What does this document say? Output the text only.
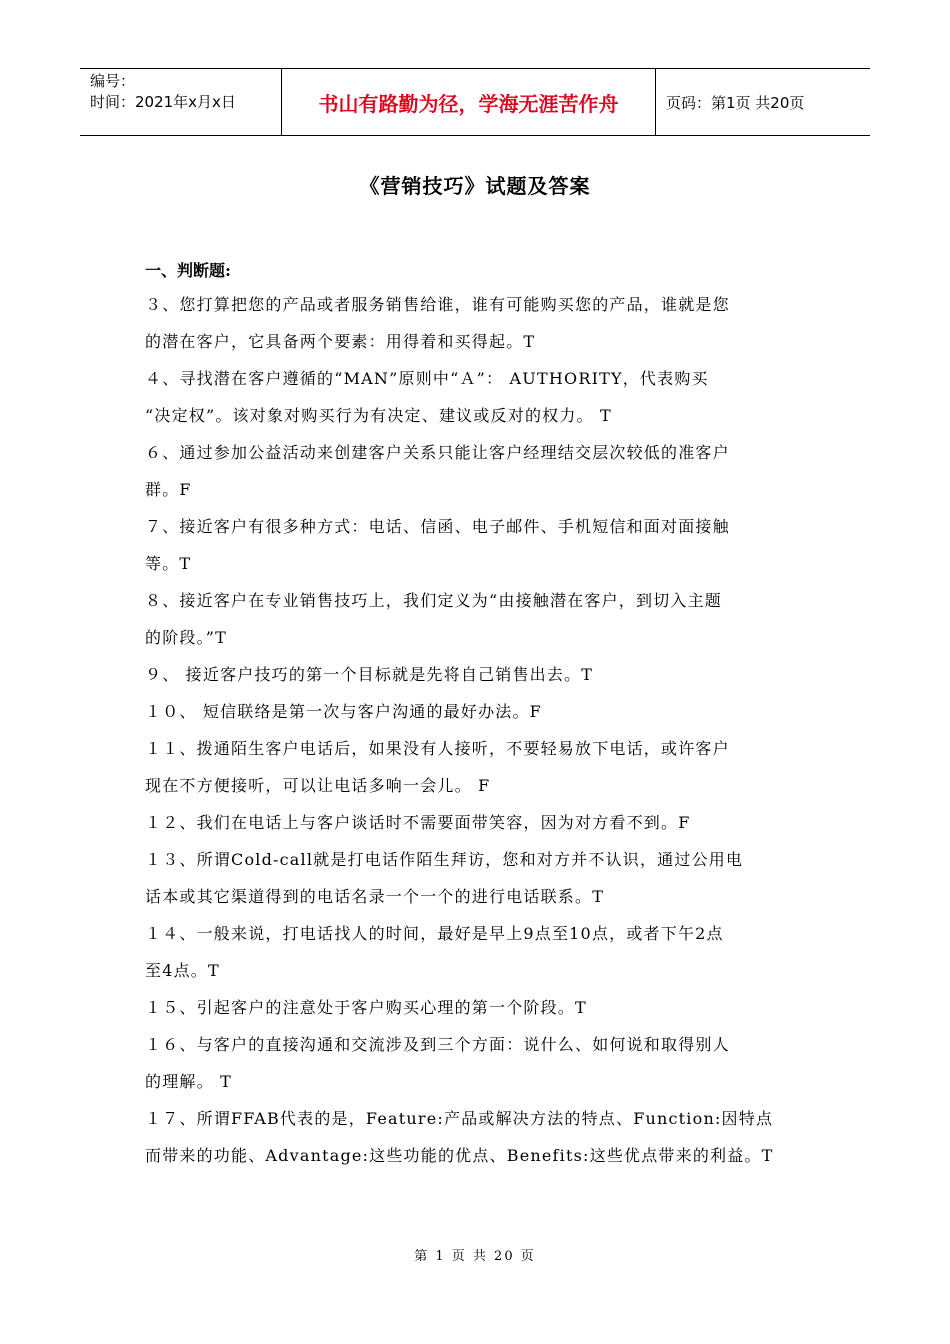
编号：
时间：2021年x月x日	书山有路勤为径，学海无涯苦作舟	页码：第1页 共20页
《营销技巧》试题及答案
一、判断题:
３、您打算把您的产品或者服务销售给谁，谁有可能购买您的产品，谁就是您
的潜在客户，它具备两个要素：用得着和买得起。T
４、寻找潜在客户遵循的“MAN”原则中“Ａ”： AUTHORITY，代表购买
“决定权”。该对象对购买行为有决定、建议或反对的权力。 T
６、通过参加公益活动来创建客户关系只能让客户经理结交层次较低的准客户
群。F
７、接近客户有很多种方式：电话、信函、电子邮件、手机短信和面对面接触
等。T
８、接近客户在专业销售技巧上，我们定义为“由接触潜在客户，到切入主题
的阶段。”T
９、 接近客户技巧的第一个目标就是先将自己销售出去。T
１０、 短信联络是第一次与客户沟通的最好办法。F
１１、拨通陌生客户电话后，如果没有人接听，不要轻易放下电话，或许客户
现在不方便接听，可以让电话多响一会儿。 F
１２、我们在电话上与客户谈话时不需要面带笑容，因为对方看不到。F
１３、所谓Cold-call就是打电话作陌生拜访，您和对方并不认识，通过公用电
话本或其它渠道得到的电话名录一个一个的进行电话联系。T
１４、一般来说，打电话找人的时间，最好是早上9点至10点，或者下午2点
至4点。T
１５、引起客户的注意处于客户购买心理的第一个阶段。T
１６、与客户的直接沟通和交流涉及到三个方面：说什么、如何说和取得别人
的理解。 T
１７、所谓FFAB代表的是，Feature:产品或解决方法的特点、Function:因特点
而带来的功能、Advantage:这些功能的优点、Benefits:这些优点带来的利益。T
第 1 页 共 20 页
